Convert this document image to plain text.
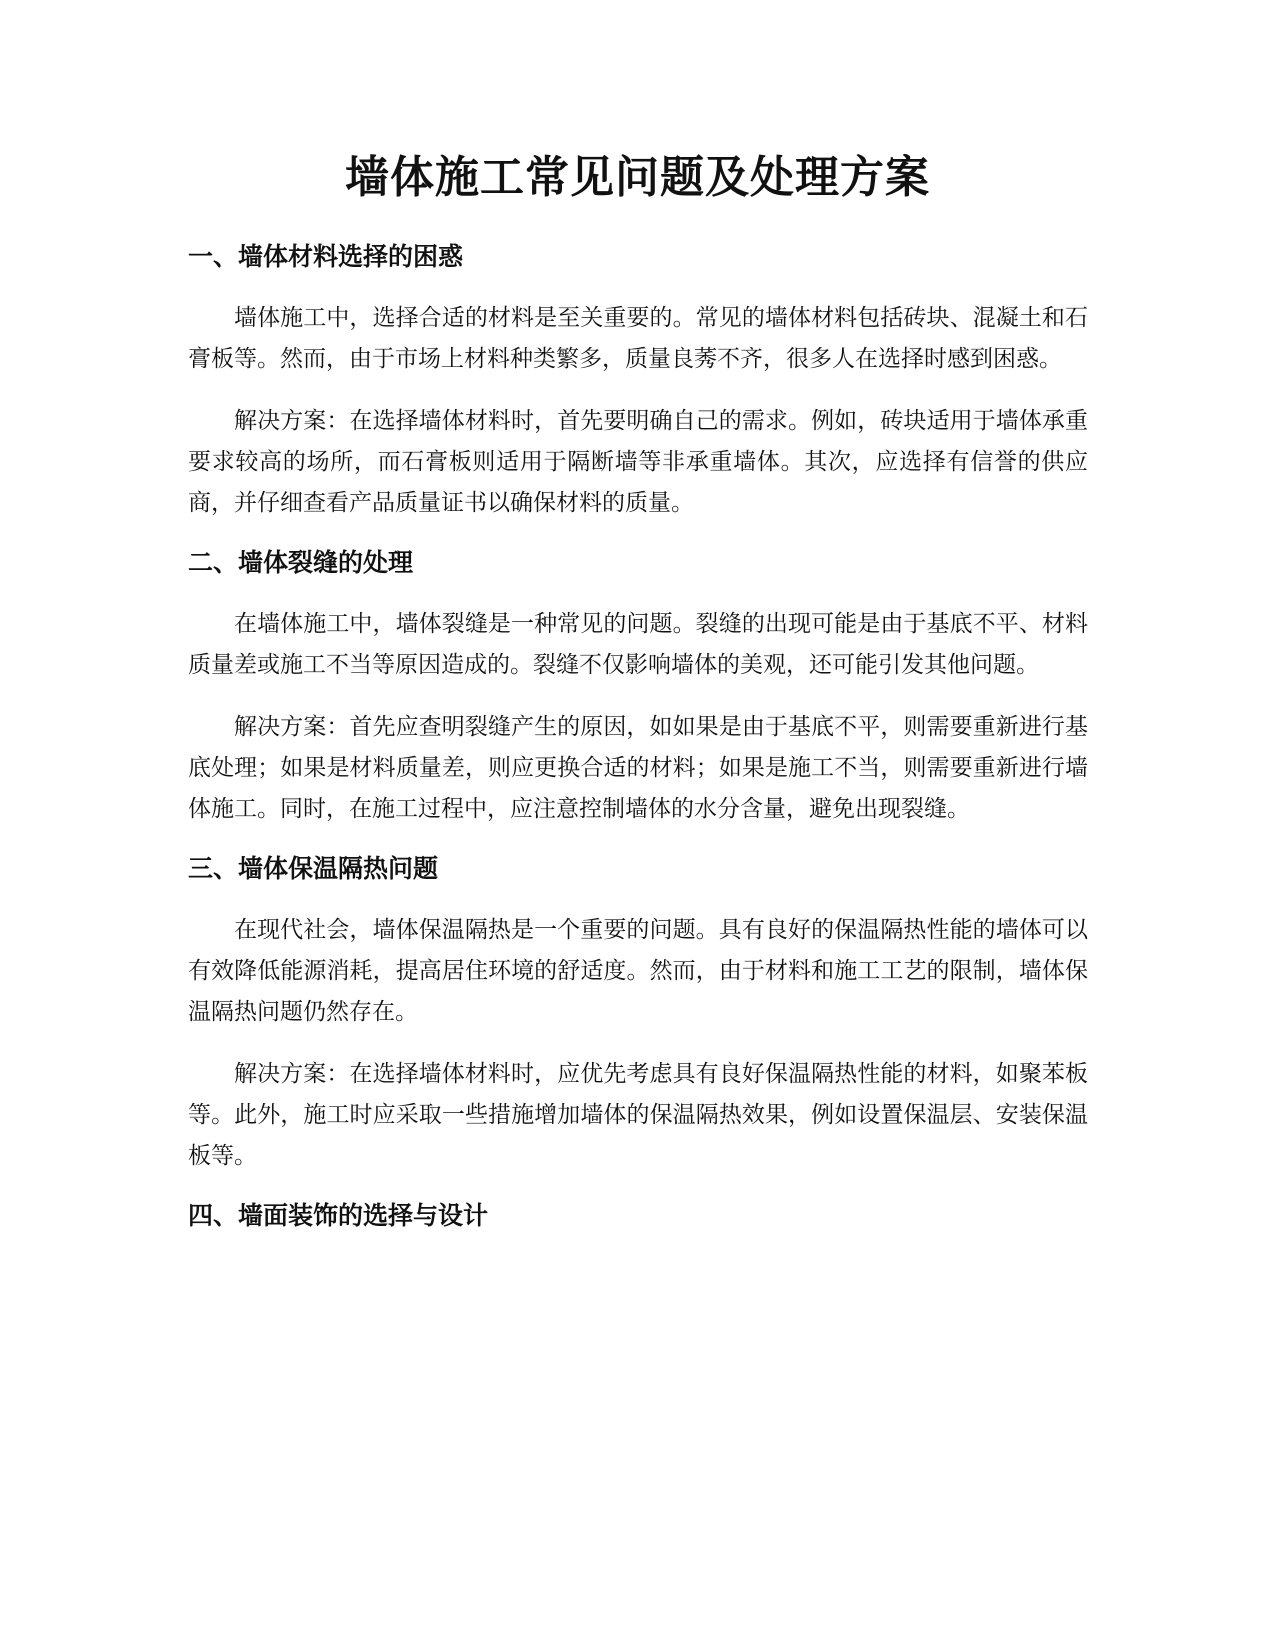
墙体施工常见问题及处理方案
一、墙体材料选择的困惑

墙体施工中，选择合适的材料是至关重要的。常见的墙体材料包括砖块、混凝土和石膏板等。然而，由于市场上材料种类繁多，质量良莠不齐，很多人在选择时感到困惑。

解决方案：在选择墙体材料时，首先要明确自己的需求。例如，砖块适用于墙体承重要求较高的场所，而石膏板则适用于隔断墙等非承重墙体。其次，应选择有信誉的供应商，并仔细查看产品质量证书以确保材料的质量。

二、墙体裂缝的处理

在墙体施工中，墙体裂缝是一种常见的问题。裂缝的出现可能是由于基底不平、材料质量差或施工不当等原因造成的。裂缝不仅影响墙体的美观，还可能引发其他问题。

解决方案：首先应查明裂缝产生的原因，如如果是由于基底不平，则需要重新进行基底处理；如果是材料质量差，则应更换合适的材料；如果是施工不当，则需要重新进行墙体施工。同时，在施工过程中，应注意控制墙体的水分含量，避免出现裂缝。

三、墙体保温隔热问题

在现代社会，墙体保温隔热是一个重要的问题。具有良好的保温隔热性能的墙体可以有效降低能源消耗，提高居住环境的舒适度。然而，由于材料和施工工艺的限制，墙体保温隔热问题仍然存在。

解决方案：在选择墙体材料时，应优先考虑具有良好保温隔热性能的材料，如聚苯板等。此外，施工时应采取一些措施增加墙体的保温隔热效果，例如设置保温层、安装保温板等。

四、墙面装饰的选择与设计
